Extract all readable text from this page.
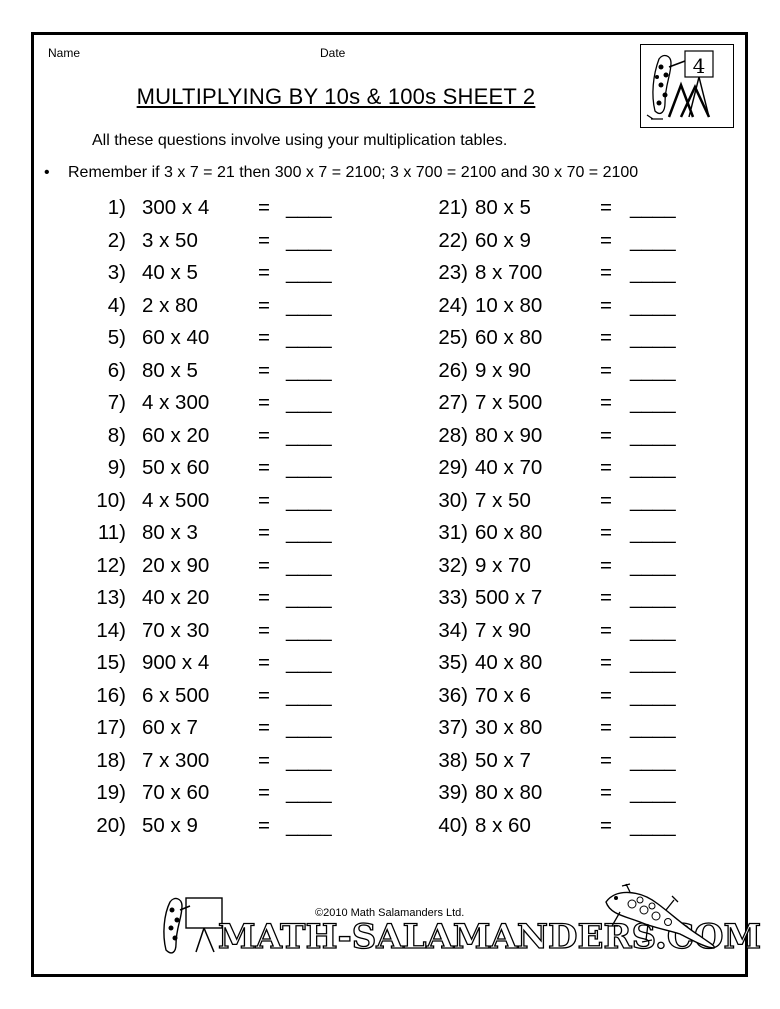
Name	Date
4
MULTIPLYING BY 10s & 100s SHEET 2
All these questions involve using your multiplication tables.
•	Remember if 3 x 7 = 21 then 300 x 7 = 2100; 3 x 700 = 2100 and 30 x 70 = 2100
1) 300 x 4 = ____
2) 3 x 50	= ____
3) 40 x 5	= ____
4) 2 x 80	= ____
5) 60 x 40 = ____
6) 80 x 5	= ____
7) 4 x 300 = ____
8) 60 x 20 = ____
9) 50 x 60 = ____
10) 4 x 500 = ____
11) 80 x 3	= ____
12) 20 x 90 = ____
13) 40 x 20 = ____
14) 70 x 30 = ____
15) 900 x 4 = ____
16) 6 x 500 = ____
17) 60 x 7	= ____
18) 7 x 300 = ____
19) 70 x 60 = ____
20) 50 x 9	= ____
21) 80 x 5	= ____
22) 60 x 9	= ____
23) 8 x 700	= ____
24) 10 x 80	= ____
25) 60 x 80	= ____
26) 9 x 90	= ____
27) 7 x 500	= ____
28) 80 x 90	= ____
29) 40 x 70	= ____
30) 7 x 50	= ____
31) 60 x 80	= ____
32) 9 x 70	= ____
33) 500 x 7	= ____
34) 7 x 90	= ____
35) 40 x 80	= ____
36) 70 x 6	= ____
37) 30 x 80	= ____
38) 50 x 7	= ____
39) 80 x 80	= ____
40) 8 x 60	= ____
MATH-SALAMANDERS.COM
©2010 Math Salamanders Ltd.
